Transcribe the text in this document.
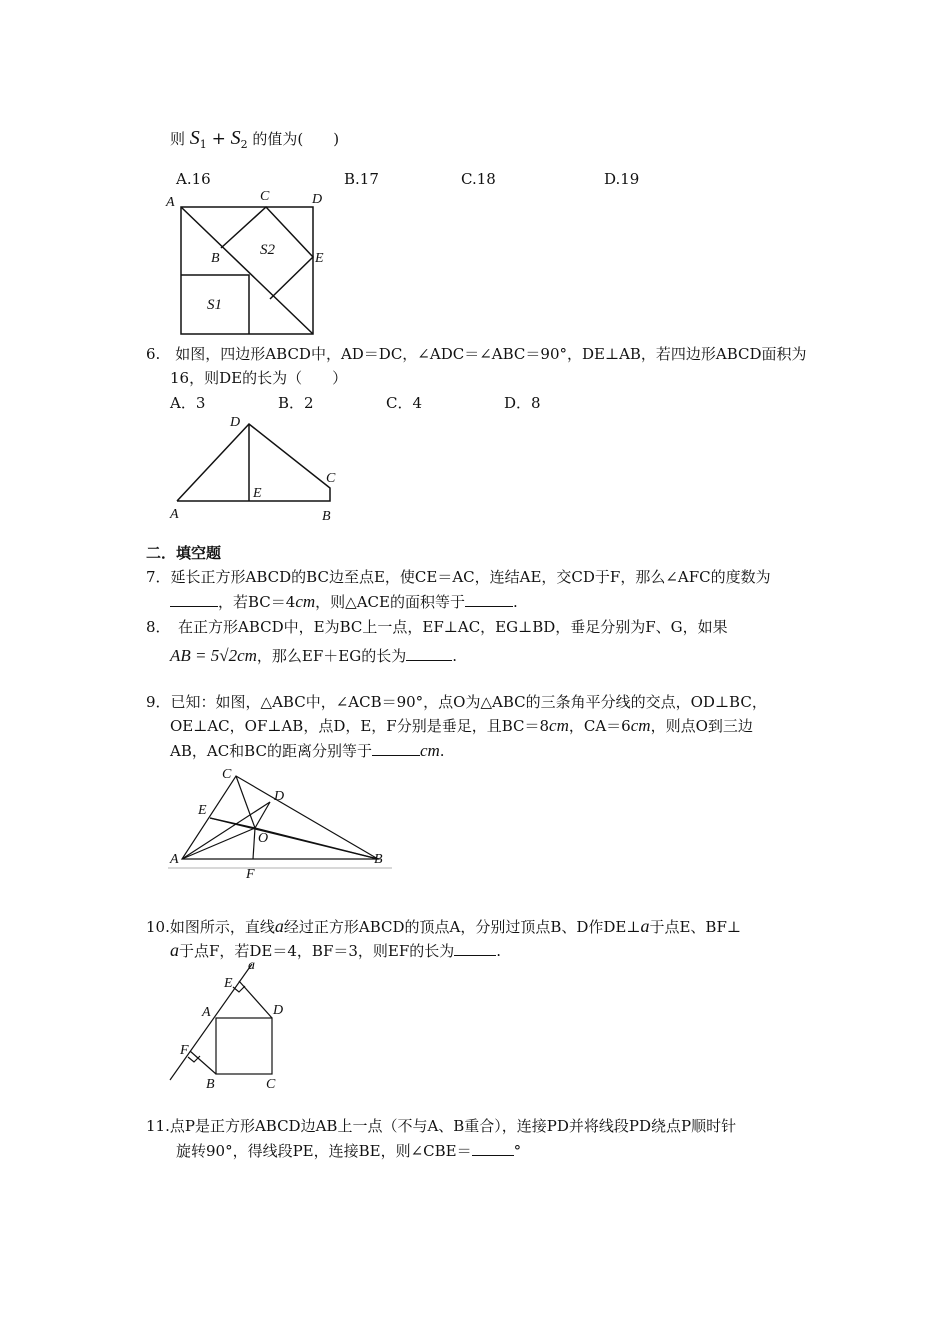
则 $S_1 + S_2$ 的值为(　　)
A.16	B.17	C.18	D.19
A	C	D
B	E
S2
S1
6.　如图，四边形ABCD中，AD＝DC，∠ADC＝∠ABC＝90°，DE⊥AB，若四边形ABCD面积为
16，则DE的长为（　　）
A．3	B．2	C．4	D．8
D
C
E
A	B
二．填空题
7．延长正方形ABCD的BC边至点E，使CE＝AC，连结AE，交CD于F，那么∠AFC的度数为
，若BC＝4cm，则△ACE的面积等于	.
8．　在正方形ABCD中，E为BC上一点，EF⊥AC，EG⊥BD，垂足分别为F、G，如果
AB = 5√2cm，那么EF＋EG的长为	.
9．已知：如图，△ABC中，∠ACB＝90°，点O为△ABC的三条角平分线的交点，OD⊥BC，
OE⊥AC，OF⊥AB，点D，E，F分别是垂足，且BC＝8cm，CA＝6cm，则点O到三边
AB，AC和BC的距离分别等于	cm.
C
D
E
O
A	B
F
10.如图所示，直线a经过正方形ABCD的顶点A，分别过顶点B、D作DE⊥a于点E、BF⊥
a于点F，若DE＝4，BF＝3，则EF的长为	.
a
E
A	D
F
B	C
11.点P是正方形ABCD边AB上一点（不与A、B重合），连接PD并将线段PD绕点P顺时针
旋转90°，得线段PE，连接BE，则∠CBE＝	°
